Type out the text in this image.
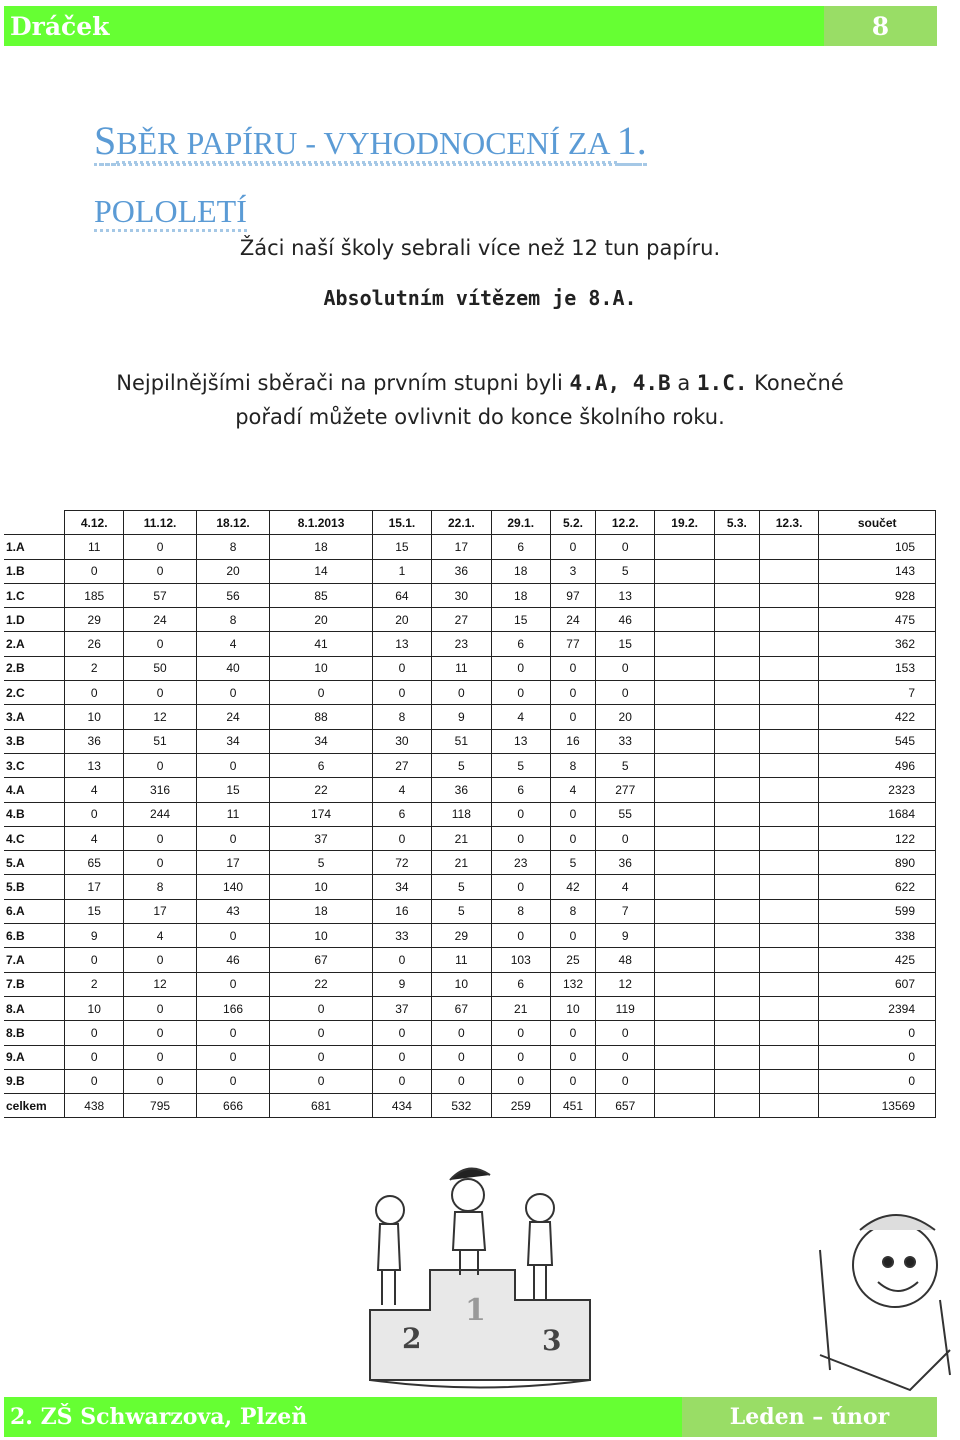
Dráček	8
SBĚR PAPÍRU - VYHODNOCENÍ ZA 1.
POLOLETÍ
Žáci naší školy sebrali více než 12 tun papíru.
Absolutním vítězem je 8.A.
Nejpilnějšími sběrači na prvním stupni byli 4.A, 4.B a 1.C. Konečné pořadí můžete ovlivnit do konce školního roku.
	4.12.	11.12.	18.12.	8.1.2013	15.1.	22.1.	29.1.	5.2.	12.2.	19.2.	5.3.	12.3.	součet
1.A	11	0	8	18	15	17	6	0	0				105
1.B	0	0	20	14	1	36	18	3	5				143
1.C	185	57	56	85	64	30	18	97	13				928
1.D	29	24	8	20	20	27	15	24	46				475
2.A	26	0	4	41	13	23	6	77	15				362
2.B	2	50	40	10	0	11	0	0	0				153
2.C	0	0	0	0	0	0	0	0	0				7
3.A	10	12	24	88	8	9	4	0	20				422
3.B	36	51	34	34	30	51	13	16	33				545
3.C	13	0	0	6	27	5	5	8	5				496
4.A	4	316	15	22	4	36	6	4	277				2323
4.B	0	244	11	174	6	118	0	0	55				1684
4.C	4	0	0	37	0	21	0	0	0				122
5.A	65	0	17	5	72	21	23	5	36				890
5.B	17	8	140	10	34	5	0	42	4				622
6.A	15	17	43	18	16	5	8	8	7				599
6.B	9	4	0	10	33	29	0	0	9				338
7.A	0	0	46	67	0	11	103	25	48				425
7.B	2	12	0	22	9	10	6	132	12				607
8.A	10	0	166	0	37	67	21	10	119				2394
8.B	0	0	0	0	0	0	0	0	0				0
9.A	0	0	0	0	0	0	0	0	0				0
9.B	0	0	0	0	0	0	0	0	0				0
celkem	438	795	666	681	434	532	259	451	657				13569
2
1
3
2. ZŠ Schwarzova, Plzeň	Leden – únor
